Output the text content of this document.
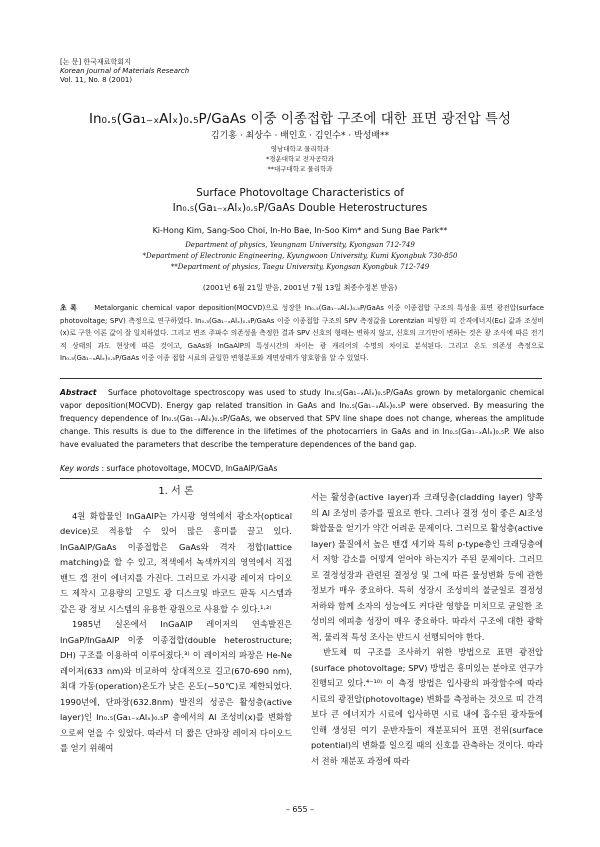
[논 문] 한국재료학회지
Korean Journal of Materials Research
Vol. 11, No. 8 (2001)
In₀.₅(Ga₁₋ₓAlₓ)₀.₅P/GaAs 이중 이종접합 구조에 대한 표면 광전압 특성
김기홍 · 최상수 · 배인호 · 김인수* · 박성배**
영남대학교 물리학과
*경운대학교 전자공학과
**대구대학교 물리학과
Surface Photovoltage Characteristics of
In₀.₅(Ga₁₋ₓAlₓ)₀.₅P/GaAs Double Heterostructures
Ki-Hong Kim, Sang-Soo Choi, In-Ho Bae, In-Soo Kim* and Sung Bae Park**
Department of physics, Yeungnam University, Kyongsan 712-749
*Department of Electronic Engineering, Kyungwoon University, Kumi Kyongbuk 730-850
**Department of physics, Taegu University, Kyongsan Kyongbuk 712-749
(2001년 6월 21일 받음, 2001년 7월 13일 최종수정본 받음)
초 록	Metalorganic chemical vapor deposition(MOCVD)으로 성장한 In₀.₅(Ga₁₋ₓAlₓ)₀.₅P/GaAs 이중 이종접합 구조의 특성을 표면 광전압(surface photovoltage; SPV) 측정으로 연구하였다. In₀.₅(Ga₁₋ₓAlₓ)₀.₅P/GaAs 이중 이종접합 구조의 SPV 측정값을 Lorentzian 피팅한 띠 간격에너지(Eɢ) 값과 조성비(x)로 구한 이론 값이 잘 일치하였다. 그리고 변조 주파수 의존성을 측정한 결과 SPV 신호의 형태는 변하지 않고, 신호의 크기만이 변하는 것은 광 조사에 따른 전기적 상태의 과도 현상에 따른 것이고, GaAs와 InGaAlP의 특성시간의 차이는 광 캐리어의 수명의 차이로 분석된다. 그리고 온도 의존성 측정으로 In₀.₅(Ga₁₋ₓAlₓ)₀.₅P/GaAs 이중 이종 접합 시료의 균일한 변형분포와 계면상태가 양호함을 알 수 있었다.
Abstract Surface photovoltage spectroscopy was used to study In₀.₅(Ga₁₋ₓAlₓ)₀.₅P/GaAs grown by metalorganic chemical vapor deposition(MOCVD). Energy gap related transition in GaAs and In₀.₅(Ga₁₋ₓAlₓ)₀.₅P were observed. By measuring the frequency dependence of In₀.₅(Ga₁₋ₓAlₓ)₀.₅P/GaAs, we observed that SPV line shape does not change, whereas the amplitude change. This results is due to the difference in the lifetimes of the photocarriers in GaAs and in In₀.₅(Ga₁₋ₓAlₓ)₀.₅P. We also have evaluated the parameters that describe the temperature dependences of the band gap.
Key words : surface photovoltage, MOCVD, InGaAlP/GaAs
1. 서 론

4원 화합물인 InGaAlP는 가시광 영역에서 광소자(optical device)로 적용할 수 있어 많은 흥미를 끌고 있다. InGaAlP/GaAs 이종접합은 GaAs와 격자 정합(lattice matching)을 할 수 있고, 적색에서 녹색까지의 영역에서 직접 밴드 갭 전이 에너지를 가진다. 그러므로 가시광 레이저 다이오드 제작시 고용량의 고밀도 광 디스크및 바코드 판독 시스템과 같은 광 정보 시스템의 유용한 광원으로 사용할 수 있다.¹·²⁾

1985년 실온에서 InGaAlP 레이저의 연속발진은 InGaP/InGaAlP 이중 이종접합(double heterostructure; DH) 구조를 이용하여 이루어졌다.³⁾ 이 레이저의 파장은 He-Ne 레이저(633 nm)와 비교하여 상대적으로 길고(670-690 nm), 최대 가동(operation)온도가 낮은 온도(~50℃)로 제한되었다. 1990년에, 단파장(632.8nm) 발진의 성공은 활성층(active layer)인 In₀.₅(Ga₁₋ₓAlₓ)₀.₅P 층에서의 Al 조성비(x)를 변화함으로써 얻을 수 있었다. 따라서 더 짧은 단파장 레이저 다이오드를 얻기 위해여

서는 활성층(active layer)과 크래딩층(cladding layer) 양쪽의 Al 조성비 증가를 필요로 한다. 그러나 결정 성이 좋은 Al조성 화합물을 얻기가 약간 어려운 문제이다. 그러므로 활성층(active layer) 물질에서 높은 밴갭 세기와 특히 p-type층인 크래딩층에서 저항 감소를 어떻게 얻어야 하는지가 주된 문제이다. 그러므로 결정성장과 관련된 결정성 및 그에 따른 물성변화 등에 관한 정보가 매우 중요하다. 특히 성장시 조성비의 불균일로 결정성 저하와 함께 소자의 성능에도 커다란 영향을 미치므로 균일한 조성비의 에피층 성장이 매우 중요하다. 따라서 구조에 대한 광학적, 물리적 특성 조사는 반드시 선행되어야 한다.

반도체 띠 구조를 조사하기 위한 방법으로 표면 광전압(surface photovoltage; SPV) 방법은 흥미있는 분야로 연구가 진행되고 있다.⁴⁻¹⁰⁾ 이 측정 방법은 입사광의 파장함수에 따라 시료의 광전압(photovoltage) 변화를 측정하는 것으로 띠 간격보다 큰 에너지가 시료에 입사하면 시료 내에 흡수된 광자들에 인해 생성된 여기 운반자들이 재분포되어 표면 전위(surface potential)의 변화를 일으킬 때의 신호를 관측하는 것이다. 따라서 전하 재분포 과정에 따라

– 655 –
